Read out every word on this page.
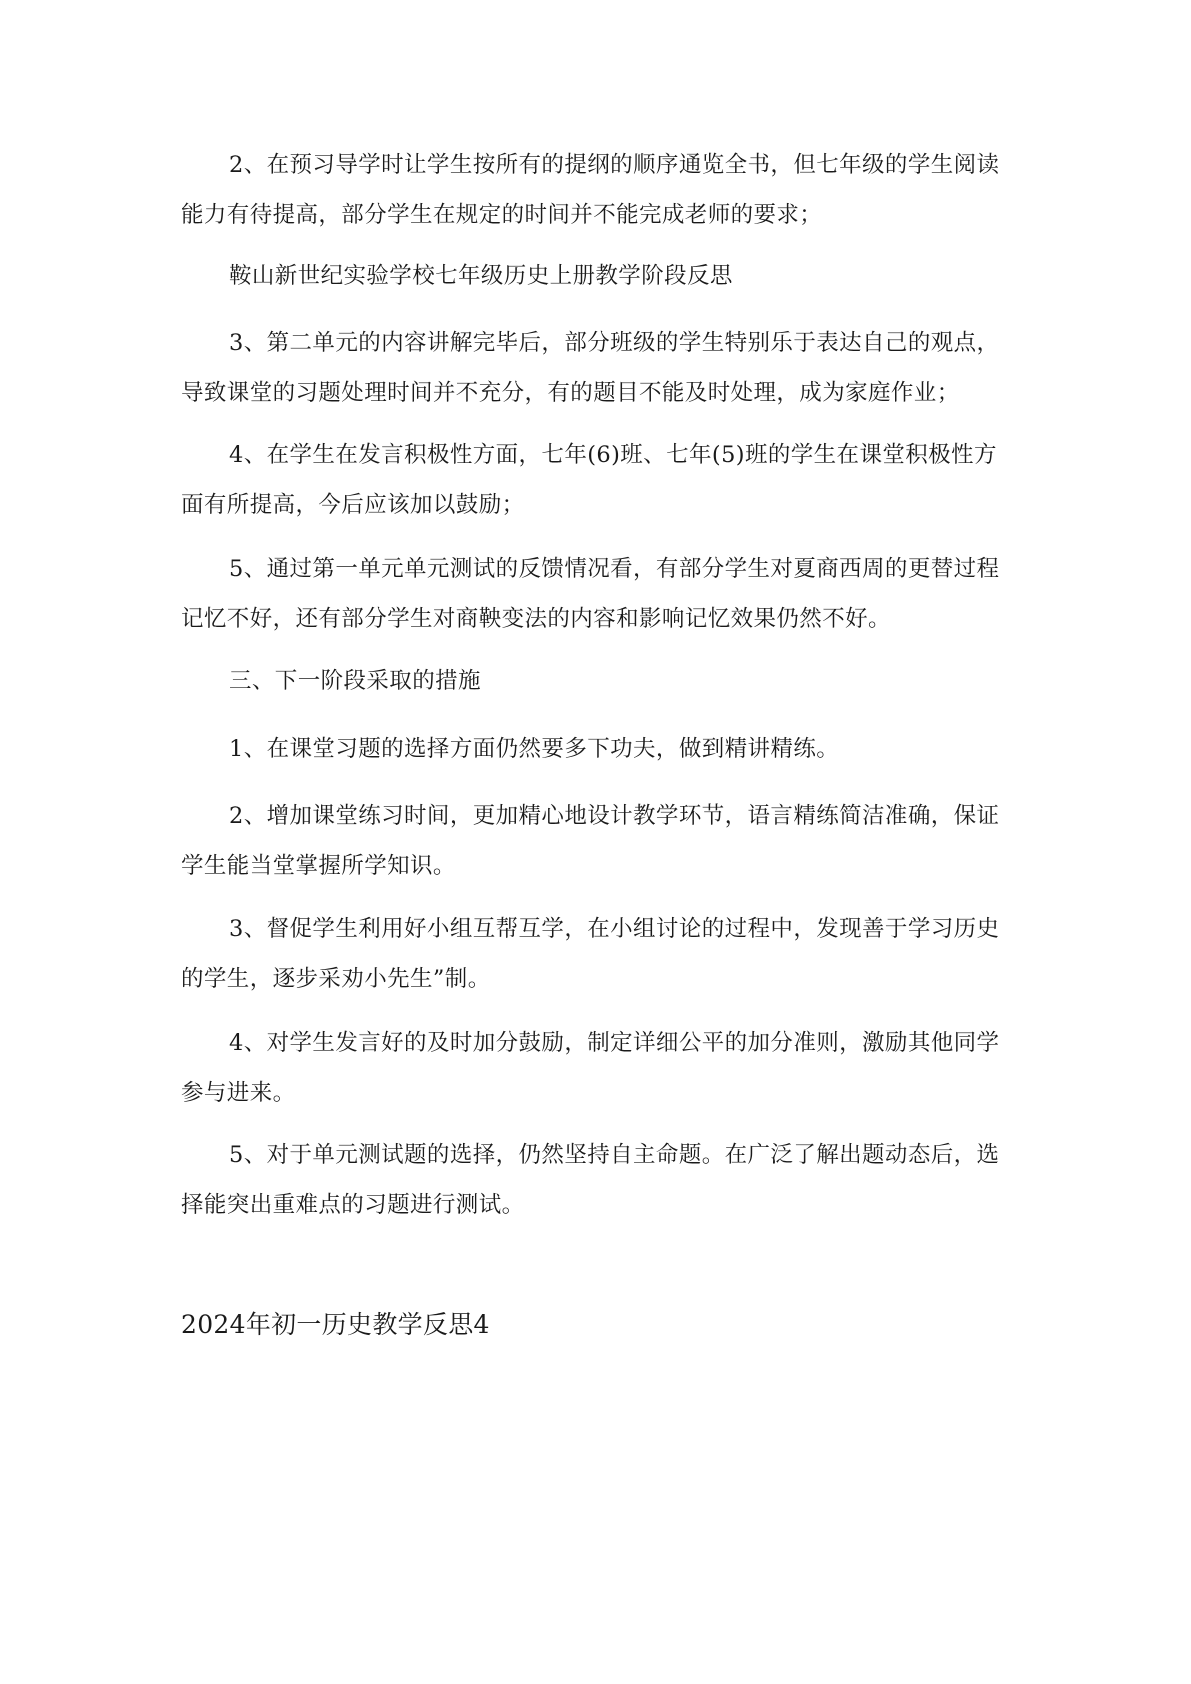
2、在预习导学时让学生按所有的提纲的顺序通览全书，但七年级的学生阅读能力有待提高，部分学生在规定的时间并不能完成老师的要求；

鞍山新世纪实验学校七年级历史上册教学阶段反思

3、第二单元的内容讲解完毕后，部分班级的学生特别乐于表达自己的观点，导致课堂的习题处理时间并不充分，有的题目不能及时处理，成为家庭作业；

4、在学生在发言积极性方面，七年(6)班、七年(5)班的学生在课堂积极性方面有所提高，今后应该加以鼓励；

5、通过第一单元单元测试的反馈情况看，有部分学生对夏商西周的更替过程记忆不好，还有部分学生对商鞅变法的内容和影响记忆效果仍然不好。

三、下一阶段采取的措施

1、在课堂习题的选择方面仍然要多下功夫，做到精讲精练。

2、增加课堂练习时间，更加精心地设计教学环节，语言精练简洁准确，保证学生能当堂掌握所学知识。

3、督促学生利用好小组互帮互学，在小组讨论的过程中，发现善于学习历史的学生，逐步采劝小先生”制。

4、对学生发言好的及时加分鼓励，制定详细公平的加分准则，激励其他同学参与进来。

5、对于单元测试题的选择，仍然坚持自主命题。在广泛了解出题动态后，选择能突出重难点的习题进行测试。

2024年初一历史教学反思4
